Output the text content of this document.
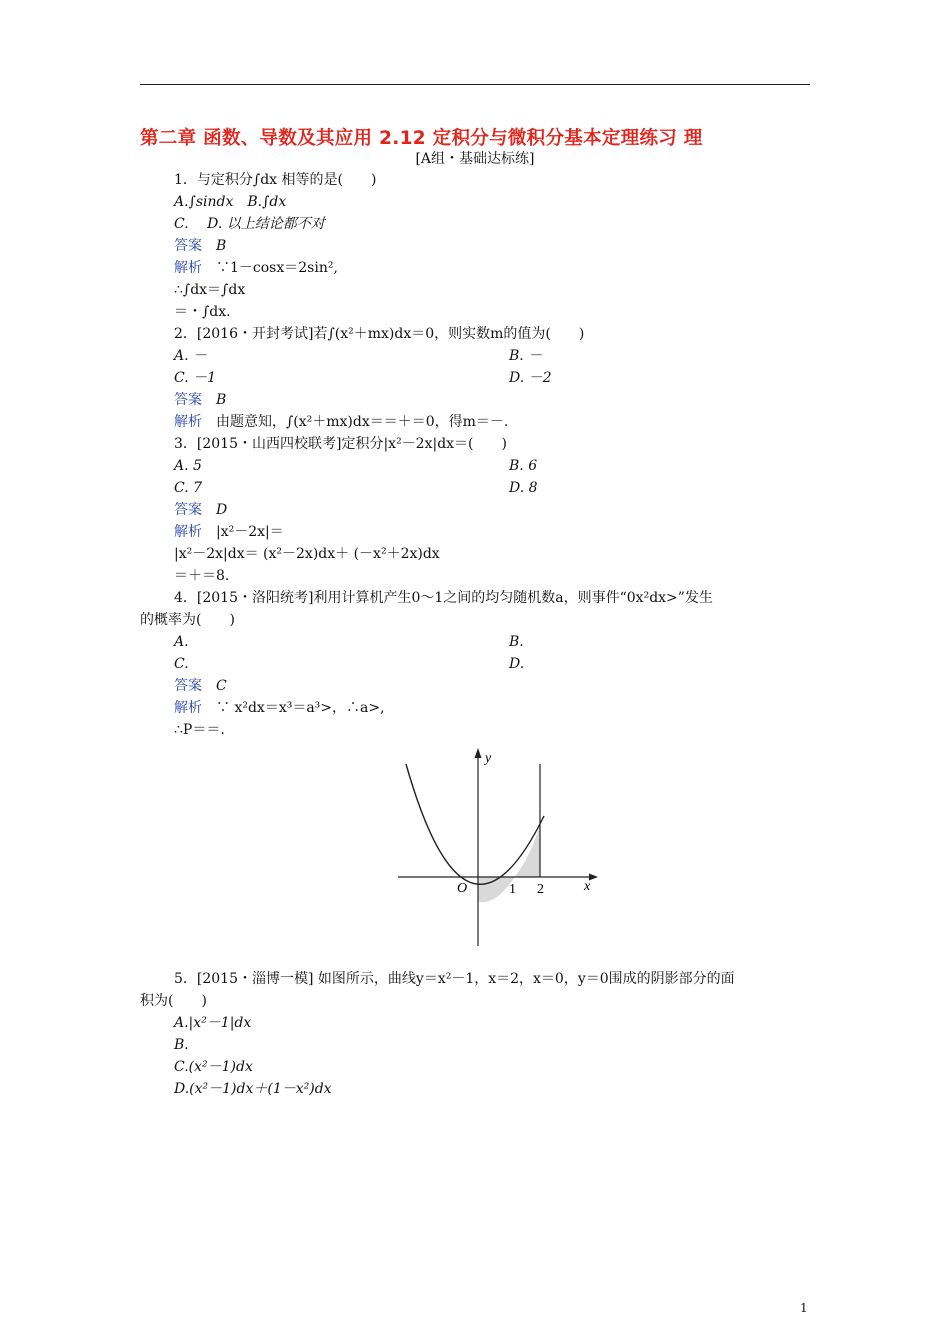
第二章 函数、导数及其应用 2.12 定积分与微积分基本定理练习 理
[A组・基础达标练]
1．与定积分∫dx 相等的是(　　)
A.∫sindx　B.∫dx
C.　 D. 以上结论都不对
答案　 B
解析　 ∵1－cosx＝2sin²,
∴∫dx＝∫dx
＝・∫dx.
2．[2016・开封考试]若∫(x²＋mx)dx＝0，则实数m的值为(　　)
A. －	B. －
C. －1	D. －2
答案　 B
解析　 由题意知，∫(x²＋mx)dx＝＝＋＝0，得m＝－.
3．[2015・山西四校联考]定积分|x²－2x|dx＝(　　)
A. 5	B. 6
C. 7	D. 8
答案　 D
解析　 |x²－2x|＝
|x²－2x|dx＝ (x²－2x)dx＋ (－x²＋2x)dx
＝＋＝8.
4．[2015・洛阳统考]利用计算机产生0～1之间的均匀随机数a，则事件“0x²dx>”发生
的概率为(　　)
A.	B.
C.	D.
答案　 C
解析　 ∵ x²dx＝x³＝a³>，∴a>,
∴P＝＝.
y
x
O	1 2
5．[2015・淄博一模] 如图所示，曲线y＝x²－1，x＝2，x＝0，y＝0围成的阴影部分的面
积为(　　)
A.|x²－1|dx
B.
C.(x²－1)dx
D.(x²－1)dx＋(1－x²)dx
1
